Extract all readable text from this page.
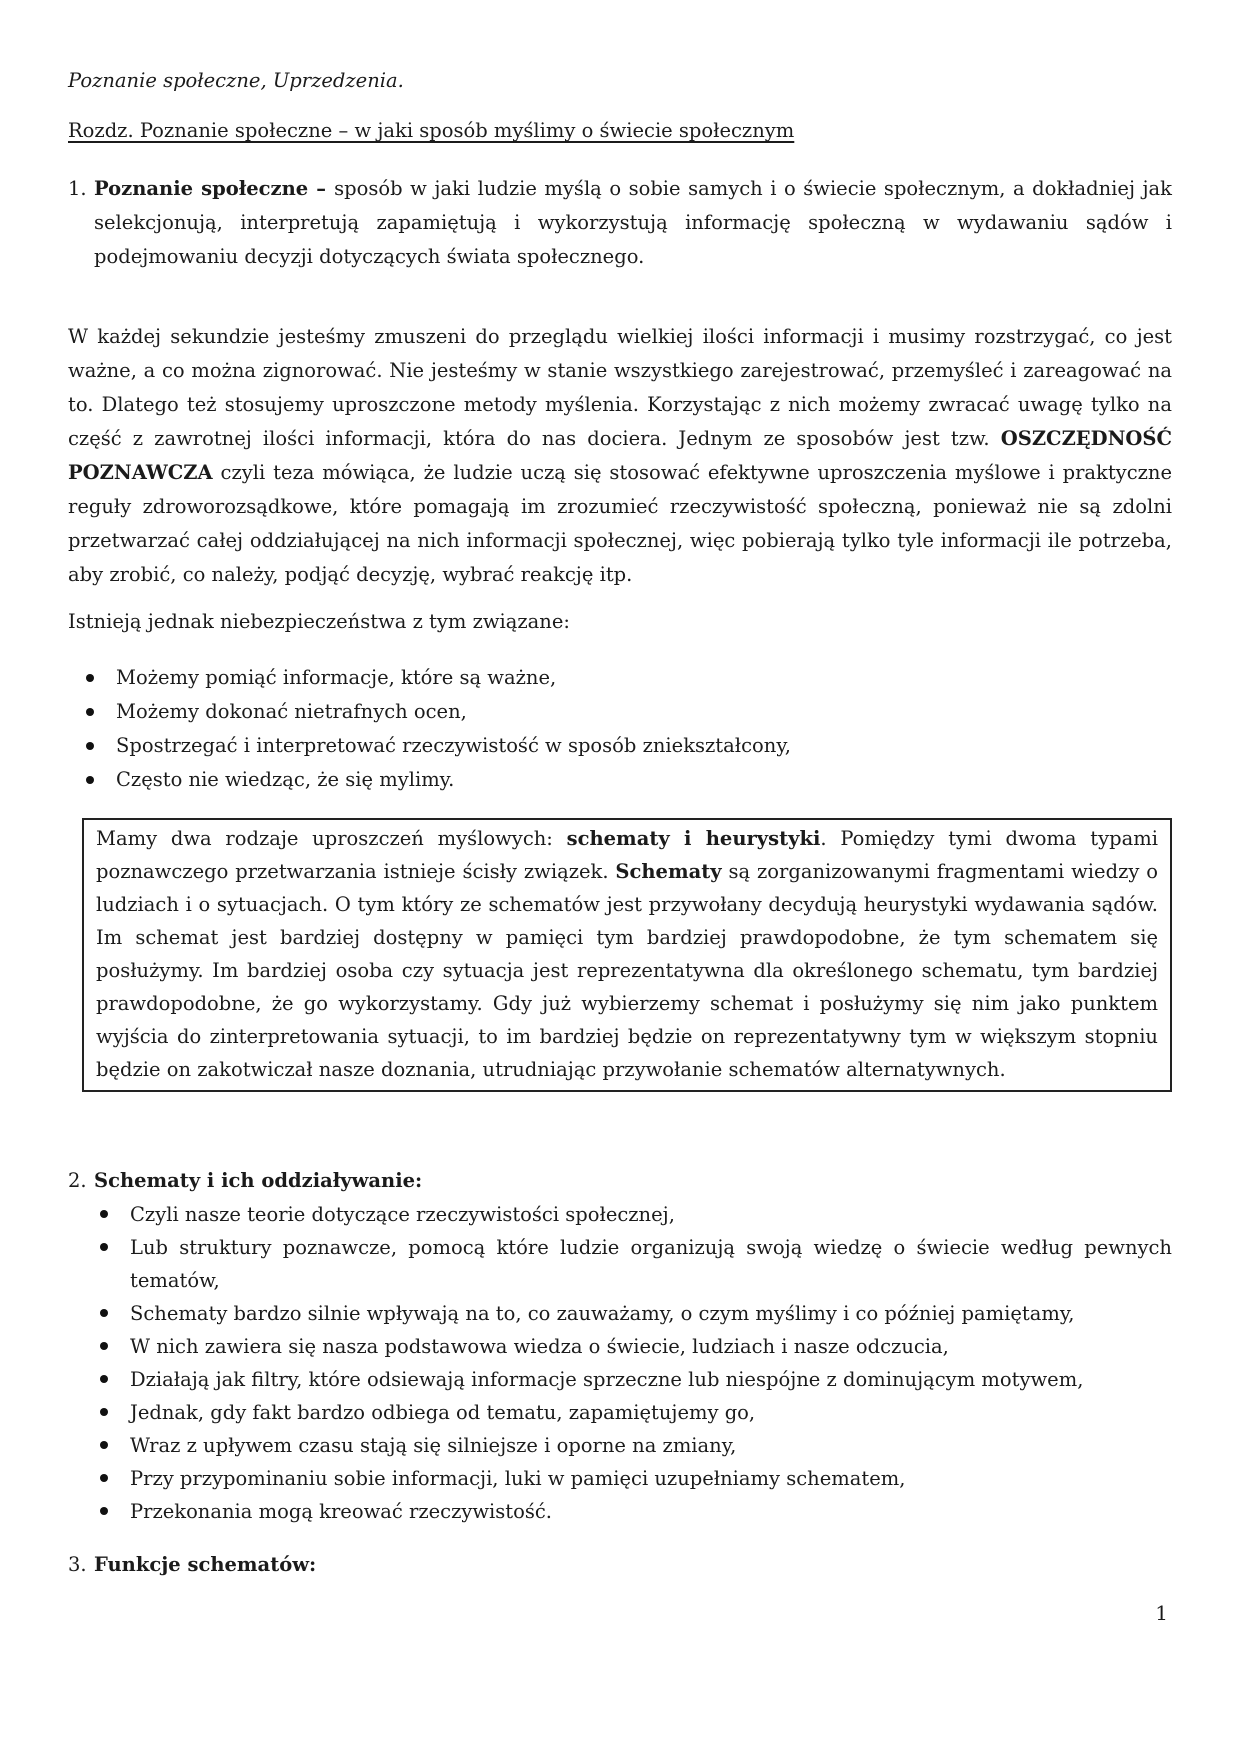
Poznanie społeczne, Uprzedzenia.

Rozdz. Poznanie społeczne – w jaki sposób myślimy o świecie społecznym

1. Poznanie społeczne – sposób w jaki ludzie myślą o sobie samych i o świecie społecznym, a dokładniej jak selekcjonują, interpretują zapamiętują i wykorzystują informację społeczną w wydawaniu sądów i podejmowaniu decyzji dotyczących świata społecznego.

W każdej sekundzie jesteśmy zmuszeni do przeglądu wielkiej ilości informacji i musimy rozstrzygać, co jest ważne, a co można zignorować. Nie jesteśmy w stanie wszystkiego zarejestrować, przemyśleć i zareagować na to. Dlatego też stosujemy uproszczone metody myślenia. Korzystając z nich możemy zwracać uwagę tylko na część z zawrotnej ilości informacji, która do nas dociera. Jednym ze sposobów jest tzw. OSZCZĘDNOŚĆ POZNAWCZA czyli teza mówiąca, że ludzie uczą się stosować efektywne uproszczenia myślowe i praktyczne reguły zdroworozsądkowe, które pomagają im zrozumieć rzeczywistość społeczną, ponieważ nie są zdolni przetwarzać całej oddziałującej na nich informacji społecznej, więc pobierają tylko tyle informacji ile potrzeba, aby zrobić, co należy, podjąć decyzję, wybrać reakcję itp.

Istnieją jednak niebezpieczeństwa z tym związane:

Możemy pomiąć informacje, które są ważne,
Możemy dokonać nietrafnych ocen,
Spostrzegać i interpretować rzeczywistość w sposób zniekształcony,
Często nie wiedząc, że się mylimy.

Mamy dwa rodzaje uproszczeń myślowych: schematy i heurystyki. Pomiędzy tymi dwoma typami poznawczego przetwarzania istnieje ścisły związek. Schematy są zorganizowanymi fragmentami wiedzy o ludziach i o sytuacjach. O tym który ze schematów jest przywołany decydują heurystyki wydawania sądów. Im schemat jest bardziej dostępny w pamięci tym bardziej prawdopodobne, że tym schematem się posłużymy. Im bardziej osoba czy sytuacja jest reprezentatywna dla określonego schematu, tym bardziej prawdopodobne, że go wykorzystamy. Gdy już wybierzemy schemat i posłużymy się nim jako punktem wyjścia do zinterpretowania sytuacji, to im bardziej będzie on reprezentatywny tym w większym stopniu będzie on zakotwiczał nasze doznania, utrudniając przywołanie schematów alternatywnych.

2. Schematy i ich oddziaływanie:
Czyli nasze teorie dotyczące rzeczywistości społecznej,
Lub struktury poznawcze, pomocą które ludzie organizują swoją wiedzę o świecie według pewnych tematów,
Schematy bardzo silnie wpływają na to, co zauważamy, o czym myślimy i co później pamiętamy,
W nich zawiera się nasza podstawowa wiedza o świecie, ludziach i nasze odczucia,
Działają jak filtry, które odsiewają informacje sprzeczne lub niespójne z dominującym motywem,
Jednak, gdy fakt bardzo odbiega od tematu, zapamiętujemy go,
Wraz z upływem czasu stają się silniejsze i oporne na zmiany,
Przy przypominaniu sobie informacji, luki w pamięci uzupełniamy schematem,
Przekonania mogą kreować rzeczywistość.
3. Funkcje schematów:
1
